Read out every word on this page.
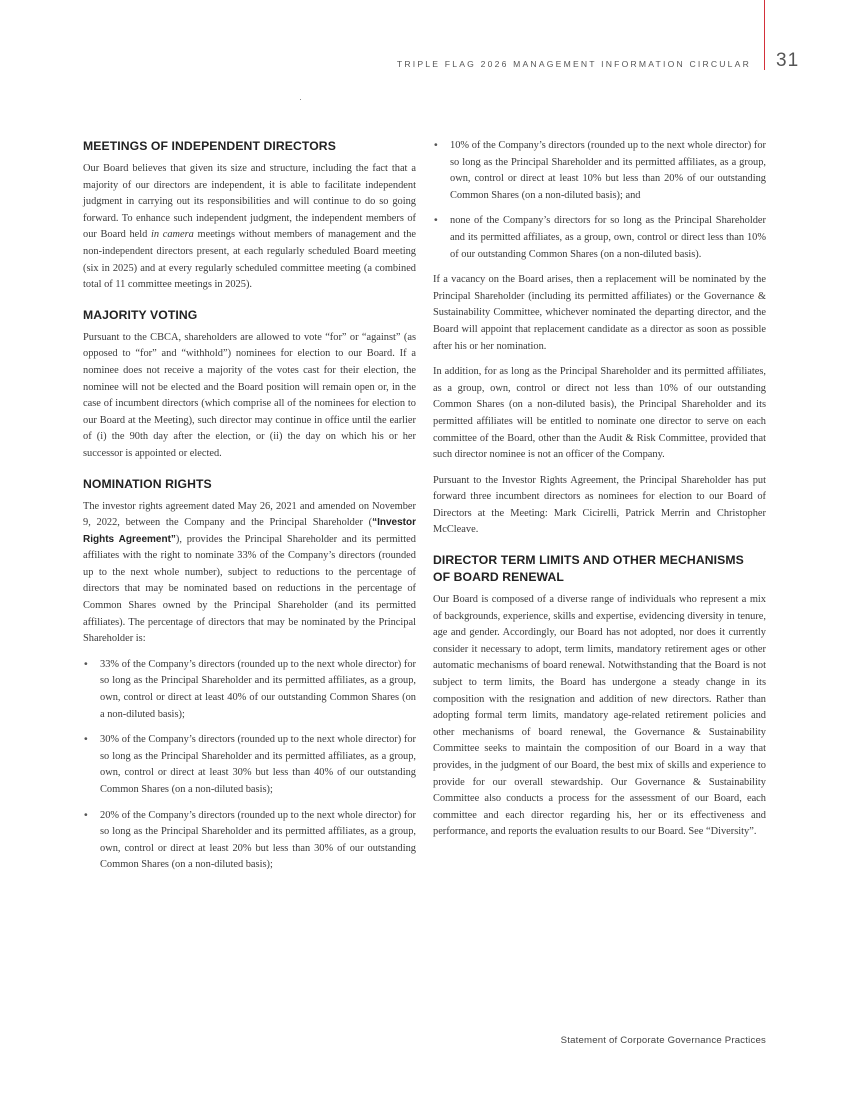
TRIPLE FLAG 2026 MANAGEMENT INFORMATION CIRCULAR 31
MEETINGS OF INDEPENDENT DIRECTORS

Our Board believes that given its size and structure, including the fact that a majority of our directors are independent, it is able to facilitate independent judgment in carrying out its responsibilities and will continue to do so going forward. To enhance such independent judgment, the independent members of our Board held in camera meetings without members of management and the non-independent directors present, at each regularly scheduled Board meeting (six in 2025) and at every regularly scheduled committee meeting (a combined total of 11 committee meetings in 2025).

MAJORITY VOTING

Pursuant to the CBCA, shareholders are allowed to vote “for” or “against” (as opposed to “for” and “withhold”) nominees for election to our Board. If a nominee does not receive a majority of the votes cast for their election, the nominee will not be elected and the Board position will remain open or, in the case of incumbent directors (which comprise all of the nominees for election to our Board at the Meeting), such director may continue in office until the earlier of (i) the 90th day after the election, or (ii) the day on which his or her successor is appointed or elected.

NOMINATION RIGHTS

The investor rights agreement dated May 26, 2021 and amended on November 9, 2022, between the Company and the Principal Shareholder (“Investor Rights Agreement”), provides the Principal Shareholder and its permitted affiliates with the right to nominate 33% of the Company’s directors (rounded up to the next whole number), subject to reductions to the percentage of directors that may be nominated based on reductions in the percentage of Common Shares owned by the Principal Shareholder (and its permitted affiliates). The percentage of directors that may be nominated by the Principal Shareholder is:

• 33% of the Company’s directors (rounded up to the next whole director) for so long as the Principal Shareholder and its permitted affiliates, as a group, own, control or direct at least 40% of our outstanding Common Shares (on a non-diluted basis);
• 30% of the Company’s directors (rounded up to the next whole director) for so long as the Principal Shareholder and its permitted affiliates, as a group, own, control or direct at least 30% but less than 40% of our outstanding Common Shares (on a non-diluted basis);
• 20% of the Company’s directors (rounded up to the next whole director) for so long as the Principal Shareholder and its permitted affiliates, as a group, own, control or direct at least 20% but less than 30% of our outstanding Common Shares (on a non-diluted basis);
• 10% of the Company’s directors (rounded up to the next whole director) for so long as the Principal Shareholder and its permitted affiliates, as a group, own, control or direct at least 10% but less than 20% of our outstanding Common Shares (on a non-diluted basis); and
• none of the Company’s directors for so long as the Principal Shareholder and its permitted affiliates, as a group, own, control or direct less than 10% of our outstanding Common Shares (on a non-diluted basis).

If a vacancy on the Board arises, then a replacement will be nominated by the Principal Shareholder (including its permitted affiliates) or the Governance & Sustainability Committee, whichever nominated the departing director, and the Board will appoint that replacement candidate as a director as soon as possible after his or her nomination.

In addition, for as long as the Principal Shareholder and its permitted affiliates, as a group, own, control or direct not less than 10% of our outstanding Common Shares (on a non-diluted basis), the Principal Shareholder and its permitted affiliates will be entitled to nominate one director to serve on each committee of the Board, other than the Audit & Risk Committee, provided that such director nominee is not an officer of the Company.

Pursuant to the Investor Rights Agreement, the Principal Shareholder has put forward three incumbent directors as nominees for election to our Board of Directors at the Meeting: Mark Cicirelli, Patrick Merrin and Christopher McCleave.

DIRECTOR TERM LIMITS AND OTHER MECHANISMS
OF BOARD RENEWAL

Our Board is composed of a diverse range of individuals who represent a mix of backgrounds, experience, skills and expertise, evidencing diversity in tenure, age and gender. Accordingly, our Board has not adopted, nor does it currently consider it necessary to adopt, term limits, mandatory retirement ages or other automatic mechanisms of board renewal. Notwithstanding that the Board is not subject to term limits, the Board has undergone a steady change in its composition with the resignation and addition of new directors. Rather than adopting formal term limits, mandatory age-related retirement policies and other mechanisms of board renewal, the Governance & Sustainability Committee seeks to maintain the composition of our Board in a way that provides, in the judgment of our Board, the best mix of skills and experience to provide for our overall stewardship. Our Governance & Sustainability Committee also conducts a process for the assessment of our Board, each committee and each director regarding his, her or its effectiveness and performance, and reports the evaluation results to our Board. See “Diversity”.

Statement of Corporate Governance Practices
